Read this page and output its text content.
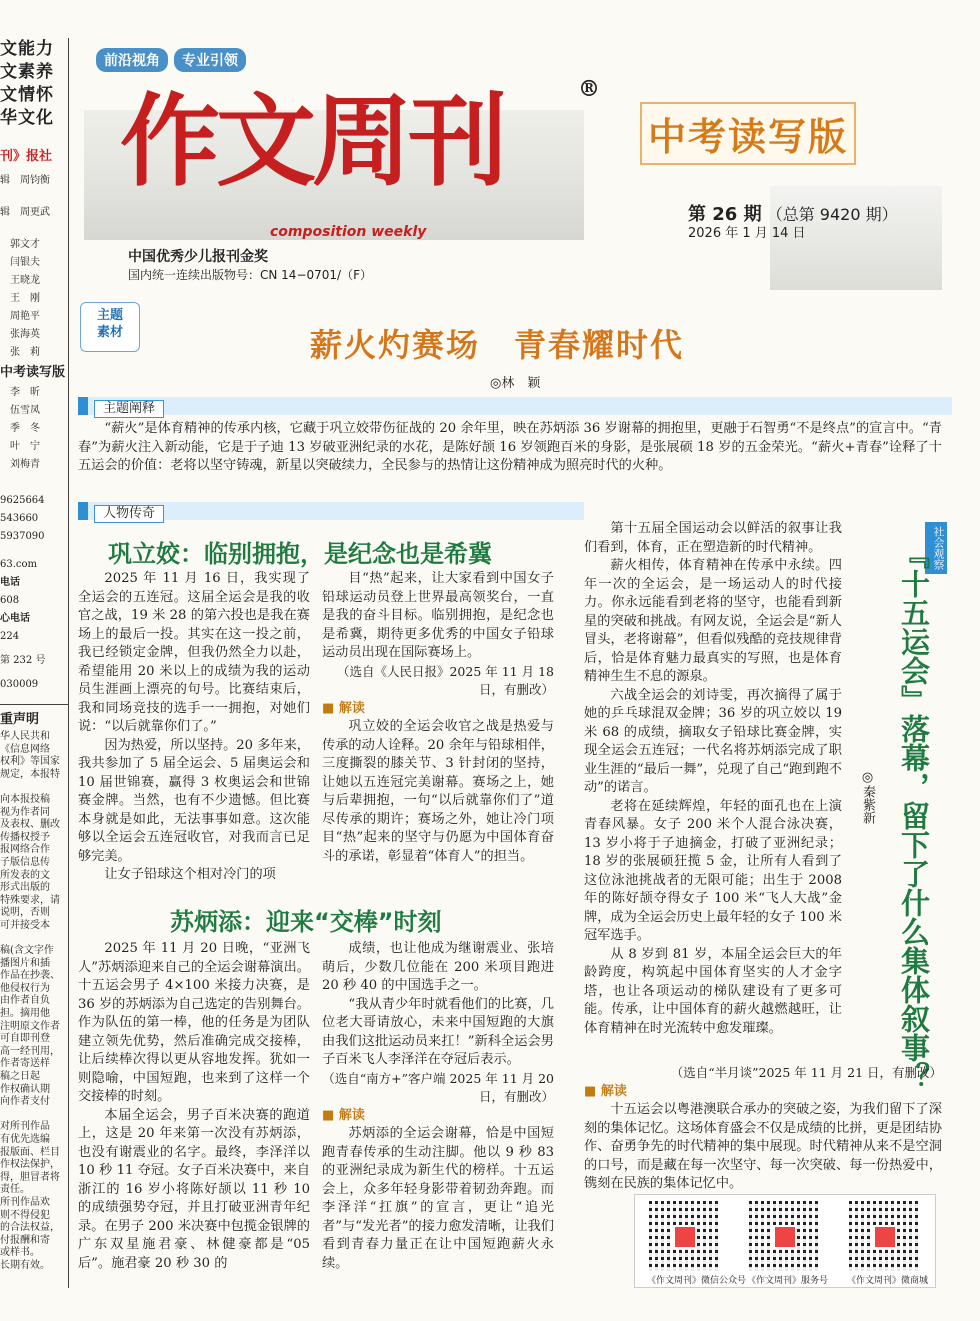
文能力
文素养
文情怀
华文化
刊》报社
辑　周钧衡
辑　周更武
郭文才
闫银夫
王晓龙
王　刚
周艳平
张海英
张　莉
中考读写版
李　昕
伍雪凤
季　冬
叶　宁
刘梅青
9625664
543660
5937090
63.com
电话
608
心电话
224
第 232 号
030009
重声明
华人民共和
《信息网络
权利》等国家
规定，本报特

向本报投稿
视为作者同
及表权、删改
传播权授予
报网络合作
子版信息传
所发表的文
形式出版的
特殊要求，请
说明，否则
可并接受本

稿(含文字作
播图片和插
作品在抄袭、
他侵权行为
由作者自负
担。摘用他
注明原文作者
可自即刊登
高一经刊用，
作者寄送样
稿之日起
作权确认期
向作者支付

对所刊作品
有优先选编
报版面、栏目
作权法保护，
得，胆冒者将
责任。
所刊作品欢
则不得侵犯
的合法权益，
付报酬和寄
或样书。
长期有效。
前沿视角 专业引领
作文周刊	®
composition weekly
中国优秀少儿报刊金奖
国内统一连续出版物号：CN 14−0701/（F）
中考读写版
第 26 期 （总第 9420 期）
2026 年 1 月 14 日
主题
素材	薪火灼赛场　青春耀时代
◎林　颖
主题阐释

“薪火”是体育精神的传承内核，它藏于巩立姣带伤征战的 20 余年里，映在苏炳添 36 岁谢幕的拥抱里，更融于石智勇“不是终点”的宣言中。“青春”为薪火注入新动能，它是于子迪 13 岁破亚洲纪录的水花，是陈好颉 16 岁领跑百米的身影，是张展硕 18 岁的五金荣光。“薪火+青春”诠释了十五运会的价值：老将以坚守铸魂，新星以突破续力，全民参与的热情让这份精神成为照亮时代的火种。

人物传奇
巩立姣：临别拥抱，是纪念也是希冀

2025 年 11 月 16 日，我实现了全运会的五连冠。这届全运会是我的收官之战，19 米 28 的第六投也是我在赛场上的最后一投。其实在这一投之前，我已经锁定金牌，但我仍然全力以赴，希望能用 20 米以上的成绩为我的运动员生涯画上漂亮的句号。比赛结束后，我和同场竞技的选手一一拥抱，对她们说：“以后就靠你们了。”

因为热爱，所以坚持。20 多年来，我共参加了 5 届全运会、5 届奥运会和 10 届世锦赛，赢得 3 枚奥运会和世锦赛金牌。当然，也有不少遗憾。但比赛本身就是如此，无法事事如意。这次能够以全运会五连冠收官，对我而言已足够完美。

让女子铅球这个相对冷门的项

目“热”起来，让大家看到中国女子铅球运动员登上世界最高领奖台，一直是我的奋斗目标。临别拥抱，是纪念也是希冀，期待更多优秀的中国女子铅球运动员出现在国际赛场上。

（选自《人民日报》2025 年 11 月 18 日，有删改）
■ 解读

巩立姣的全运会收官之战是热爱与传承的动人诠释。20 余年与铅球相伴，三度撕裂的膝关节、3 针封闭的坚持，让她以五连冠完美谢幕。赛场之上，她与后辈拥抱，一句“以后就靠你们了”道尽传承的期许；赛场之外，她让冷门项目“热”起来的坚守与仍愿为中国体育奋斗的承诺，彰显着“体育人”的担当。

苏炳添：迎来“交棒”时刻

2025 年 11 月 20 日晚，“亚洲飞人”苏炳添迎来自己的全运会谢幕演出。十五运会男子 4×100 米接力决赛，是 36 岁的苏炳添为自己选定的告别舞台。作为队伍的第一棒，他的任务是为团队建立领先优势，然后准确完成交接棒，让后续棒次得以更从容地发挥。犹如一则隐喻，中国短跑，也来到了这样一个交接棒的时刻。

本届全运会，男子百米决赛的跑道上，这是 20 年来第一次没有苏炳添，也没有谢震业的名字。最终，李泽洋以 10 秒 11 夺冠。女子百米决赛中，来自浙江的 16 岁小将陈好颉以 11 秒 10 的成绩强势夺冠，并且打破亚洲青年纪录。在男子 200 米决赛中包揽金银牌的广东双星施君豪、林健豪都是“05 后”。施君豪 20 秒 30 的

成绩，也让他成为继谢震业、张培萌后，少数几位能在 200 米项目跑进 20 秒 40 的中国选手之一。

“我从青少年时就看他们的比赛，几位老大哥请放心，未来中国短跑的大旗由我们这批运动员来扛！”新科全运会男子百米飞人李泽洋在夺冠后表示。

（选自“南方+”客户端 2025 年 11 月 20 日，有删改）
■ 解读

苏炳添的全运会谢幕，恰是中国短跑青春传承的生动注脚。他以 9 秒 83 的亚洲纪录成为新生代的榜样。十五运会上，众多年轻身影带着韧劲奔跑。而李泽洋“扛旗”的宣言，更让“追光者”与“发光者”的接力愈发清晰，让我们看到青春力量正在让中国短跑薪火永续。

社会观察
『十五运会』落幕，留下了什么集体叙事？
◎秦紫新

第十五届全国运动会以鲜活的叙事让我们看到，体育，正在塑造新的时代精神。

薪火相传，体育精神在传承中永续。四年一次的全运会，是一场运动人的时代接力。你永远能看到老将的坚守，也能看到新星的突破和挑战。有网友说，全运会是“新人冒头，老将谢幕”，但看似残酷的竞技规律背后，恰是体育魅力最真实的写照，也是体育精神生生不息的源泉。

六战全运会的刘诗雯，再次摘得了属于她的乒乓球混双金牌；36 岁的巩立姣以 19 米 68 的成绩，摘取女子铅球比赛金牌，实现全运会五连冠；一代名将苏炳添完成了职业生涯的“最后一舞”，兑现了自己“跑到跑不动”的诺言。

老将在延续辉煌，年轻的面孔也在上演青春风暴。女子 200 米个人混合泳决赛，13 岁小将于子迪摘金，打破了亚洲纪录；18 岁的张展硕狂揽 5 金，让所有人看到了这位泳池挑战者的无限可能；出生于 2008 年的陈好颉夺得女子 100 米“飞人大战”金牌，成为全运会历史上最年轻的女子 100 米冠军选手。

从 8 岁到 81 岁，本届全运会巨大的年龄跨度，构筑起中国体育坚实的人才金字塔，也让各项运动的梯队建设有了更多可能。传承，让中国体育的薪火越燃越旺，让体育精神在时光流转中愈发璀璨。

（选自“半月谈”2025 年 11 月 21 日，有删改）
■ 解读

十五运会以粤港澳联合承办的突破之姿，为我们留下了深刻的集体记忆。这场体育盛会不仅是成绩的比拼，更是团结协作、奋勇争先的时代精神的集中展现。时代精神从来不是空洞的口号，而是藏在每一次坚守、每一次突破、每一份热爱中，镌刻在民族的集体记忆中。

《作文周刊》微信公众号 《作文周刊》服务号 《作文周刊》微商城
